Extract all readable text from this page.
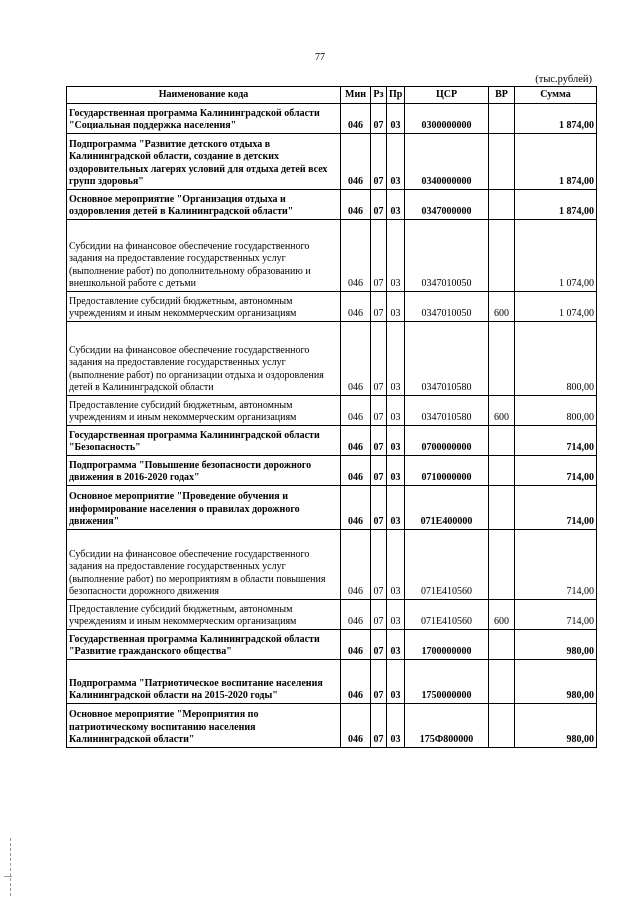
77
(тыс.рублей)
Наименование кода	Мин	Рз	Пр	ЦСР	ВР	Сумма
Государственная программа Калининградской области "Социальная поддержка населения"	046	07	03	0300000000		1 874,00
Подпрограмма "Развитие детского отдыха в Калининградской области, создание в детских оздоровительных лагерях условий для отдыха детей всех групп здоровья"	046	07	03	0340000000		1 874,00
Основное мероприятие "Организация отдыха и оздоровления детей в Калининградской области"	046	07	03	0347000000		1 874,00
Субсидии на финансовое обеспечение государственного задания на предоставление государственных услуг (выполнение работ) по дополнительному образованию и внешкольной работе с детьми	046	07	03	0347010050		1 074,00
Предоставление субсидий бюджетным, автономным учреждениям и иным некоммерческим организациям	046	07	03	0347010050	600	1 074,00
Субсидии на финансовое обеспечение государственного задания на предоставление государственных услуг (выполнение работ) по организации отдыха и оздоровления детей в Калининградской области	046	07	03	0347010580		800,00
Предоставление субсидий бюджетным, автономным учреждениям и иным некоммерческим организациям	046	07	03	0347010580	600	800,00
Государственная программа Калининградской области "Безопасность"	046	07	03	0700000000		714,00
Подпрограмма "Повышение безопасности дорожного движения в 2016-2020 годах"	046	07	03	0710000000		714,00
Основное мероприятие "Проведение обучения и информирование населения о правилах дорожного движения"	046	07	03	071E400000		714,00
Субсидии на финансовое обеспечение государственного задания на предоставление государственных услуг (выполнение работ) по мероприятиям в области повышения безопасности дорожного движения	046	07	03	071E410560		714,00
Предоставление субсидий бюджетным, автономным учреждениям и иным некоммерческим организациям	046	07	03	071E410560	600	714,00
Государственная программа Калининградской области "Развитие гражданского общества"	046	07	03	1700000000		980,00
Подпрограмма "Патриотическое воспитание населения Калининградской области на 2015-2020 годы"	046	07	03	1750000000		980,00
Основное мероприятие "Мероприятия по патриотическому воспитанию населения Калининградской области"	046	07	03	175Ф800000		980,00
